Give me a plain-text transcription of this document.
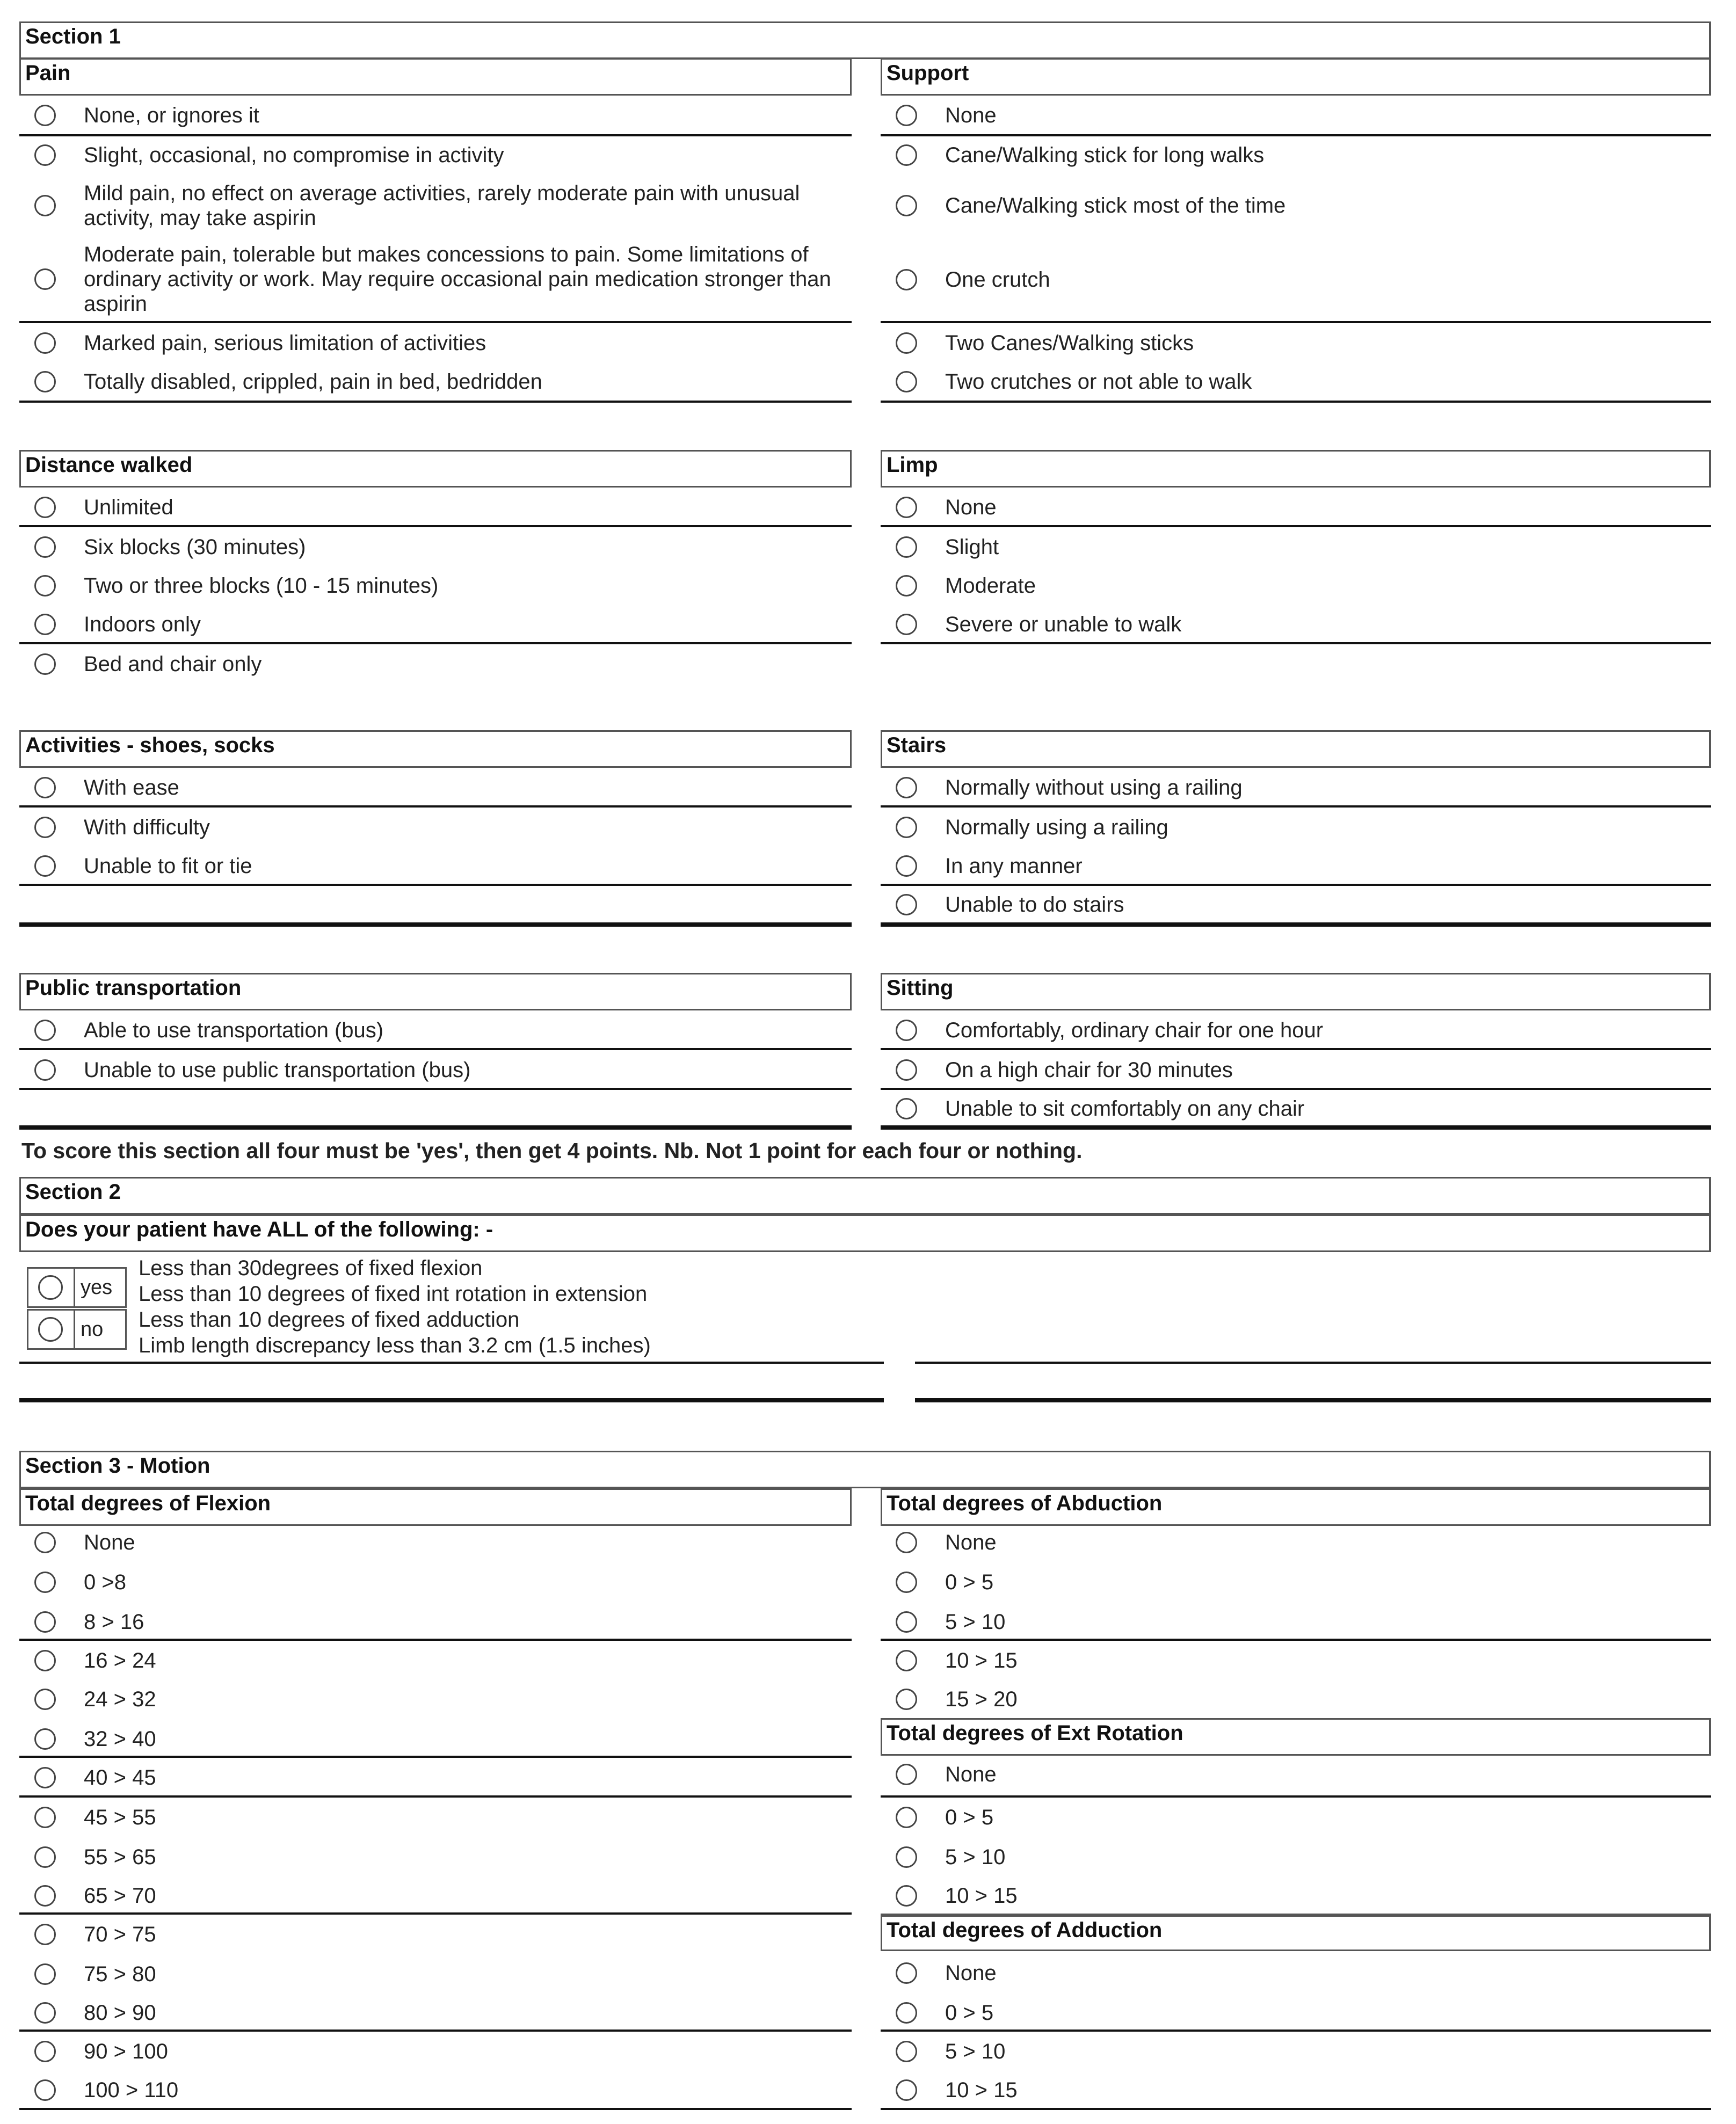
Section 1
Pain
None, or ignores it
Slight, occasional, no compromise in activity
Mild pain, no effect on average activities, rarely moderate pain with unusual activity, may take aspirin
Moderate pain, tolerable but makes concessions to pain. Some limitations of ordinary activity or work. May require occasional pain medication stronger than aspirin
Marked pain, serious limitation of activities
Totally disabled, crippled, pain in bed, bedridden
Support
None
Cane/Walking stick for long walks
Cane/Walking stick most of the time
One crutch
Two Canes/Walking sticks
Two crutches or not able to walk
Distance walked
Unlimited
Six blocks (30 minutes)
Two or three blocks (10 - 15 minutes)
Indoors only
Bed and chair only
Limp
None
Slight
Moderate
Severe or unable to walk
Activities - shoes, socks
With ease
With difficulty
Unable to fit or tie
Stairs
Normally without using a railing
Normally using a railing
In any manner
Unable to do stairs
Public transportation
Able to use transportation (bus)
Unable to use public transportation (bus)
Sitting
Comfortably, ordinary chair for one hour
On a high chair for 30 minutes
Unable to sit comfortably on any chair
To score this section all four must be 'yes', then get 4 points. Nb. Not 1 point for each four or nothing.
Section 2
Does your patient have ALL of the following: -
yes
no
Less than 30degrees of fixed flexion
Less than 10 degrees of fixed int rotation in extension
Less than 10 degrees of fixed adduction
Limb length discrepancy less than 3.2 cm (1.5 inches)
Section 3 - Motion
Total degrees of Flexion
None
0 >8
8 > 16
16 > 24
24 > 32
32 > 40
40 > 45
45 > 55
55 > 65
65 > 70
70 > 75
75 > 80
80 > 90
90 > 100
100 > 110
Total degrees of Abduction
None
0 > 5
5 > 10
10 > 15
15 > 20
Total degrees of Ext Rotation
None
0 > 5
5 > 10
10 > 15
Total degrees of Adduction
None
0 > 5
5 > 10
10 > 15
